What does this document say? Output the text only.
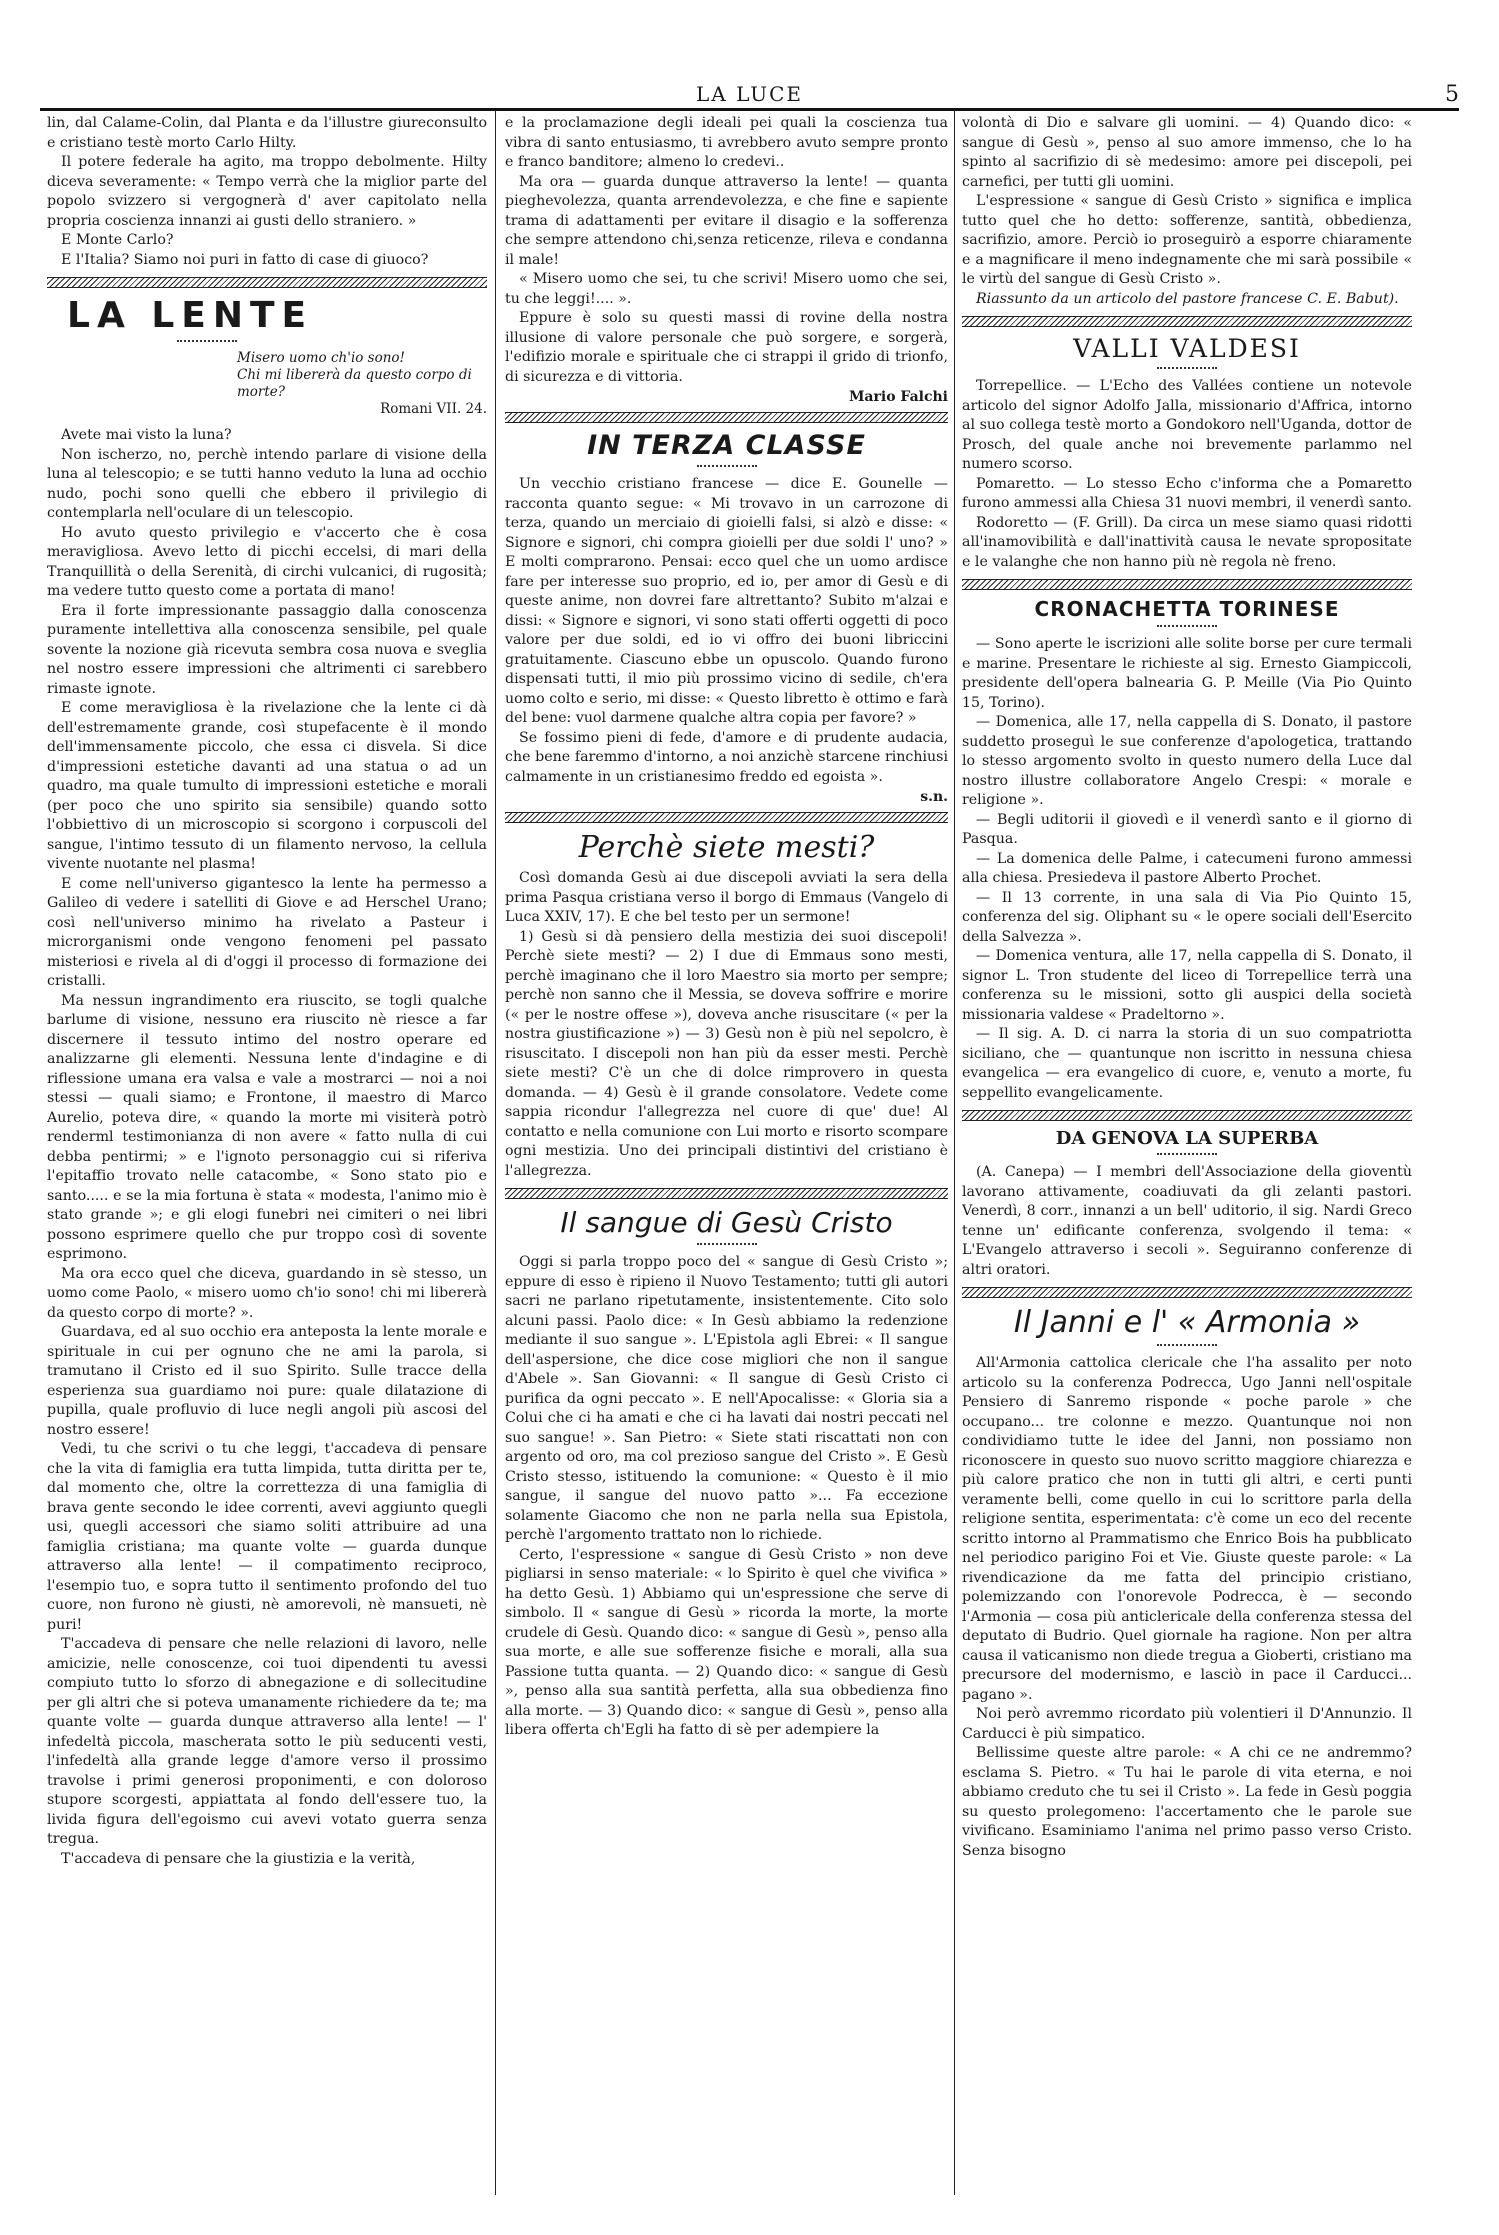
LA LUCE	5

lin, dal Calame-Colin, dal Planta e da l'illustre giureconsulto e cristiano testè morto Carlo Hilty.

Il potere federale ha agito, ma troppo debolmente. Hilty diceva severamente: « Tempo verrà che la miglior parte del popolo svizzero si vergognerà d' aver capitolato nella propria coscienza innanzi ai gusti dello straniero. »

E Monte Carlo?

E l'Italia? Siamo noi puri in fatto di case di giuoco?

LA LENTE
Misero uomo ch'io sono!
Chi mi libererà da questo corpo di morte?
Romani VII. 24.

Avete mai visto la luna?

Non ischerzo, no, perchè intendo parlare di visione della luna al telescopio; e se tutti hanno veduto la luna ad occhio nudo, pochi sono quelli che ebbero il privilegio di contemplarla nell'oculare di un telescopio.

Ho avuto questo privilegio e v'accerto che è cosa meravigliosa. Avevo letto di picchi eccelsi, di mari della Tranquillità o della Serenità, di circhi vulcanici, di rugosità; ma vedere tutto questo come a portata di mano!

Era il forte impressionante passaggio dalla conoscenza puramente intellettiva alla conoscenza sensibile, pel quale sovente la nozione già ricevuta sembra cosa nuova e sveglia nel nostro essere impressioni che altrimenti ci sarebbero rimaste ignote.

E come meravigliosa è la rivelazione che la lente ci dà dell'estremamente grande, così stupefacente è il mondo dell'immensamente piccolo, che essa ci disvela. Si dice d'impressioni estetiche davanti ad una statua o ad un quadro, ma quale tumulto di impressioni estetiche e morali (per poco che uno spirito sia sensibile) quando sotto l'obbiettivo di un microscopio si scorgono i corpuscoli del sangue, l'intimo tessuto di un filamento nervoso, la cellula vivente nuotante nel plasma!

E come nell'universo gigantesco la lente ha permesso a Galileo di vedere i satelliti di Giove e ad Herschel Urano; così nell'universo minimo ha rivelato a Pasteur i microrganismi onde vengono fenomeni pel passato misteriosi e rivela al di d'oggi il processo di formazione dei cristalli.

Ma nessun ingrandimento era riuscito, se togli qualche barlume di visione, nessuno era riuscito nè riesce a far discernere il tessuto intimo del nostro operare ed analizzarne gli elementi. Nessuna lente d'indagine e di riflessione umana era valsa e vale a mostrarci — noi a noi stessi — quali siamo; e Frontone, il maestro di Marco Aurelio, poteva dire, « quando la morte mi visiterà potrò renderml testimonianza di non avere « fatto nulla di cui debba pentirmi; » e l'ignoto personaggio cui si riferiva l'epitaffio trovato nelle catacombe, « Sono stato pio e santo..... e se la mia fortuna è stata « modesta, l'animo mio è stato grande »; e gli elogi funebri nei cimiteri o nei libri possono esprimere quello che pur troppo così di sovente esprimono.

Ma ora ecco quel che diceva, guardando in sè stesso, un uomo come Paolo, « misero uomo ch'io sono! chi mi libererà da questo corpo di morte? ».

Guardava, ed al suo occhio era anteposta la lente morale e spirituale in cui per ognuno che ne ami la parola, si tramutano il Cristo ed il suo Spirito. Sulle tracce della esperienza sua guardiamo noi pure: quale dilatazione di pupilla, quale profluvio di luce negli angoli più ascosi del nostro essere!

Vedi, tu che scrivi o tu che leggi, t'accadeva di pensare che la vita di famiglia era tutta limpida, tutta diritta per te, dal momento che, oltre la correttezza di una famiglia di brava gente secondo le idee correnti, avevi aggiunto quegli usi, quegli accessori che siamo soliti attribuire ad una famiglia cristiana; ma quante volte — guarda dunque attraverso alla lente! — il compatimento reciproco, l'esempio tuo, e sopra tutto il sentimento profondo del tuo cuore, non furono nè giusti, nè amorevoli, nè mansueti, nè puri!

T'accadeva di pensare che nelle relazioni di lavoro, nelle amicizie, nelle conoscenze, coi tuoi dipendenti tu avessi compiuto tutto lo sforzo di abnegazione e di sollecitudine per gli altri che si poteva umanamente richiedere da te; ma quante volte — guarda dunque attraverso alla lente! — l' infedeltà piccola, mascherata sotto le più seducenti vesti, l'infedeltà alla grande legge d'amore verso il prossimo travolse i primi generosi proponimenti, e con doloroso stupore scorgesti, appiattata al fondo dell'essere tuo, la livida figura dell'egoismo cui avevi votato guerra senza tregua.

T'accadeva di pensare che la giustizia e la verità,

e la proclamazione degli ideali pei quali la coscienza tua vibra di santo entusiasmo, ti avrebbero avuto sempre pronto e franco banditore; almeno lo credevi..

Ma ora — guarda dunque attraverso la lente! — quanta pieghevolezza, quanta arrendevolezza, e che fine e sapiente trama di adattamenti per evitare il disagio e la sofferenza che sempre attendono chi,senza reticenze, rileva e condanna il male!

« Misero uomo che sei, tu che scrivi! Misero uomo che sei, tu che leggi!.... ».

Eppure è solo su questi massi di rovine della nostra illusione di valore personale che può sorgere, e sorgerà, l'edifizio morale e spirituale che ci strappi il grido di trionfo, di sicurezza e di vittoria.

Mario Falchi
IN TERZA CLASSE

Un vecchio cristiano francese — dice E. Gounelle — racconta quanto segue: « Mi trovavo in un carrozone di terza, quando un merciaio di gioielli falsi, si alzò e disse: « Signore e signori, chi compra gioielli per due soldi l' uno? » E molti comprarono. Pensai: ecco quel che un uomo ardisce fare per interesse suo proprio, ed io, per amor di Gesù e di queste anime, non dovrei fare altrettanto? Subito m'alzai e dissi: « Signore e signori, vi sono stati offerti oggetti di poco valore per due soldi, ed io vi offro dei buoni libriccini gratuitamente. Ciascuno ebbe un opuscolo. Quando furono dispensati tutti, il mio più prossimo vicino di sedile, ch'era uomo colto e serio, mi disse: « Questo libretto è ottimo e farà del bene: vuol darmene qualche altra copia per favore? »

Se fossimo pieni di fede, d'amore e di prudente audacia, che bene faremmo d'intorno, a noi anzichè starcene rinchiusi calmamente in un cristianesimo freddo ed egoista ».

s.n.
Perchè siete mesti?

Così domanda Gesù ai due discepoli avviati la sera della prima Pasqua cristiana verso il borgo di Emmaus (Vangelo di Luca XXIV, 17). E che bel testo per un sermone!

1) Gesù si dà pensiero della mestizia dei suoi discepoli! Perchè siete mesti? — 2) I due di Emmaus sono mesti, perchè imaginano che il loro Maestro sia morto per sempre; perchè non sanno che il Messia, se doveva soffrire e morire (« per le nostre offese »), doveva anche risuscitare (« per la nostra giustificazione ») — 3) Gesù non è più nel sepolcro, è risuscitato. I discepoli non han più da esser mesti. Perchè siete mesti? C'è un che di dolce rimprovero in questa domanda. — 4) Gesù è il grande consolatore. Vedete come sappia ricondur l'allegrezza nel cuore di que' due! Al contatto e nella comunione con Lui morto e risorto scompare ogni mestizia. Uno dei principali distintivi del cristiano è l'allegrezza.

Il sangue di Gesù Cristo

Oggi si parla troppo poco del « sangue di Gesù Cristo »; eppure di esso è ripieno il Nuovo Testamento; tutti gli autori sacri ne parlano ripetutamente, insistentemente. Cito solo alcuni passi. Paolo dice: « In Gesù abbiamo la redenzione mediante il suo sangue ». L'Epistola agli Ebrei: « Il sangue dell'aspersione, che dice cose migliori che non il sangue d'Abele ». San Giovanni: « Il sangue di Gesù Cristo ci purifica da ogni peccato ». E nell'Apocalisse: « Gloria sia a Colui che ci ha amati e che ci ha lavati dai nostri peccati nel suo sangue! ». San Pietro: « Siete stati riscattati non con argento od oro, ma col prezioso sangue del Cristo ». E Gesù Cristo stesso, istituendo la comunione: « Questo è il mio sangue, il sangue del nuovo patto »... Fa eccezione solamente Giacomo che non ne parla nella sua Epistola, perchè l'argomento trattato non lo richiede.

Certo, l'espressione « sangue di Gesù Cristo » non deve pigliarsi in senso materiale: « lo Spirito è quel che vivifica » ha detto Gesù. 1) Abbiamo qui un'espressione che serve di simbolo. Il « sangue di Gesù » ricorda la morte, la morte crudele di Gesù. Quando dico: « sangue di Gesù », penso alla sua morte, e alle sue sofferenze fisiche e morali, alla sua Passione tutta quanta. — 2) Quando dico: « sangue di Gesù », penso alla sua santità perfetta, alla sua obbedienza fino alla morte. — 3) Quando dico: « sangue di Gesù », penso alla libera offerta ch'Egli ha fatto di sè per adempiere la

volontà di Dio e salvare gli uomini. — 4) Quando dico: « sangue di Gesù », penso al suo amore immenso, che lo ha spinto al sacrifizio di sè medesimo: amore pei discepoli, pei carnefici, per tutti gli uomini.

L'espressione « sangue di Gesù Cristo » significa e implica tutto quel che ho detto: sofferenze, santità, obbedienza, sacrifizio, amore. Perciò io proseguirò a esporre chiaramente e a magnificare il meno indegnamente che mi sarà possibile « le virtù del sangue di Gesù Cristo ».

Riassunto da un articolo del pastore francese C. E. Babut).

VALLI VALDESI

Torrepellice. — L'Echo des Vallées contiene un notevole articolo del signor Adolfo Jalla, missionario d'Affrica, intorno al suo collega testè morto a Gondokoro nell'Uganda, dottor de Prosch, del quale anche noi brevemente parlammo nel numero scorso.

Pomaretto. — Lo stesso Echo c'informa che a Pomaretto furono ammessi alla Chiesa 31 nuovi membri, il venerdì santo.

Rodoretto — (F. Grill). Da circa un mese siamo quasi ridotti all'inamovibilità e dall'inattività causa le nevate spropositate e le valanghe che non hanno più nè regola nè freno.

CRONACHETTA TORINESE

— Sono aperte le iscrizioni alle solite borse per cure termali e marine. Presentare le richieste al sig. Ernesto Giampiccoli, presidente dell'opera balnearia G. P. Meille (Via Pio Quinto 15, Torino).

— Domenica, alle 17, nella cappella di S. Donato, il pastore suddetto proseguì le sue conferenze d'apologetica, trattando lo stesso argomento svolto in questo numero della Luce dal nostro illustre collaboratore Angelo Crespi: « morale e religione ».

— Begli uditorii il giovedì e il venerdì santo e il giorno di Pasqua.

— La domenica delle Palme, i catecumeni furono ammessi alla chiesa. Presiedeva il pastore Alberto Prochet.

— Il 13 corrente, in una sala di Via Pio Quinto 15, conferenza del sig. Oliphant su « le opere sociali dell'Esercito della Salvezza ».

— Domenica ventura, alle 17, nella cappella di S. Donato, il signor L. Tron studente del liceo di Torrepellice terrà una conferenza su le missioni, sotto gli auspici della società missionaria valdese « Pradeltorno ».

— Il sig. A. D. ci narra la storia di un suo compatriotta siciliano, che — quantunque non iscritto in nessuna chiesa evangelica — era evangelico di cuore, e, venuto a morte, fu seppellito evangelicamente.

DA GENOVA LA SUPERBA

(A. Canepa) — I membri dell'Associazione della gioventù lavorano attivamente, coadiuvati da gli zelanti pastori. Venerdì, 8 corr., innanzi a un bell' uditorio, il sig. Nardi Greco tenne un' edificante conferenza, svolgendo il tema: « L'Evangelo attraverso i secoli ». Seguiranno conferenze di altri oratori.

Il Janni e l' « Armonia »

All'Armonia cattolica clericale che l'ha assalito per noto articolo su la conferenza Podrecca, Ugo Janni nell'ospitale Pensiero di Sanremo risponde « poche parole » che occupano... tre colonne e mezzo. Quantunque noi non condividiamo tutte le idee del Janni, non possiamo non riconoscere in questo suo nuovo scritto maggiore chiarezza e più calore pratico che non in tutti gli altri, e certi punti veramente belli, come quello in cui lo scrittore parla della religione sentita, esperimentata: c'è come un eco del recente scritto intorno al Prammatismo che Enrico Bois ha pubblicato nel periodico parigino Foi et Vie. Giuste queste parole: « La rivendicazione da me fatta del principio cristiano, polemizzando con l'onorevole Podrecca, è — secondo l'Armonia — cosa più anticlericale della conferenza stessa del deputato di Budrio. Quel giornale ha ragione. Non per altra causa il vaticanismo non diede tregua a Gioberti, cristiano ma precursore del modernismo, e lasciò in pace il Carducci... pagano ».

Noi però avremmo ricordato più volentieri il D'Annunzio. Il Carducci è più simpatico.

Bellissime queste altre parole: « A chi ce ne andremmo? esclama S. Pietro. « Tu hai le parole di vita eterna, e noi abbiamo creduto che tu sei il Cristo ». La fede in Gesù poggia su questo prolegomeno: l'accertamento che le parole sue vivificano. Esaminiamo l'anima nel primo passo verso Cristo. Senza bisogno
